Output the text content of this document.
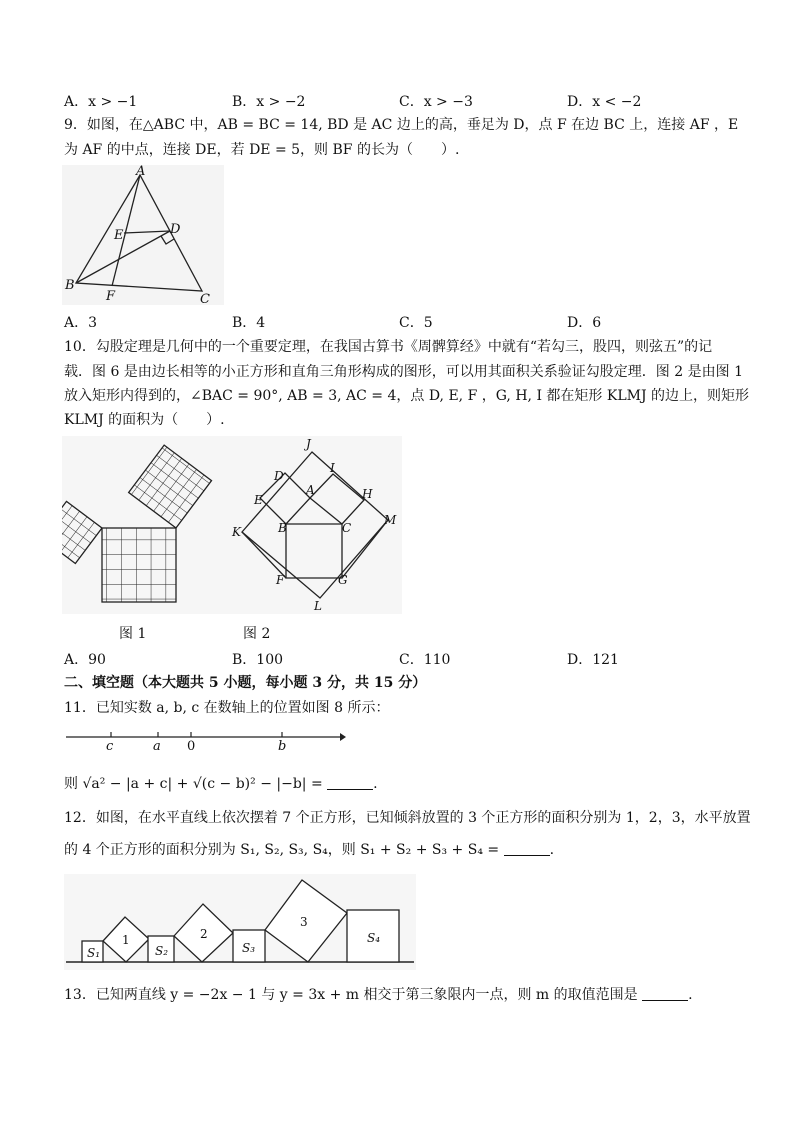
A．x > −1	B．x > −2	C．x > −3	D．x < −2
9．如图，在△ABC 中，AB = BC = 14, BD 是 AC 边上的高，垂足为 D，点 F 在边 BC 上，连接 AF ，E
为 AF 的中点，连接 DE，若 DE = 5，则 BF 的长为（　　）.
A
B
C
D
E
F
A．3	B．4	C．5	D．6
10．勾股定理是几何中的一个重要定理，在我国古算书《周髀算经》中就有“若勾三，股四，则弦五”的记
载．图 6 是由边长相等的小正方形和直角三角形构成的图形，可以用其面积关系验证勾股定理．图 2 是由图 1
放入矩形内得到的，∠BAC = 90°, AB = 3, AC = 4，点 D, E, F ，G, H, I 都在矩形 KLMJ 的边上，则矩形
KLMJ 的面积为（　　）.
J
D
I
E
A	H
M
K	B	C
F	G
L
图 1	图 2
A．90	B．100	C．110	D．121
二、填空题（本大题共 5 小题，每小题 3 分，共 15 分）
11．已知实数 a, b, c 在数轴上的位置如图 8 所示：
c	a 0	b
则 √a² − |a + c| + √(c − b)² − |−b| =	.
12．如图，在水平直线上依次摆着 7 个正方形，已知倾斜放置的 3 个正方形的面积分别为 1，2，3，水平放置
的 4 个正方形的面积分别为 S₁, S₂, S₃, S₄，则 S₁ + S₂ + S₃ + S₄ =	.
S₁
1
S₂
2
S₃
3
S₄
13．已知两直线 y = −2x − 1 与 y = 3x + m 相交于第三象限内一点，则 m 的取值范围是	.
